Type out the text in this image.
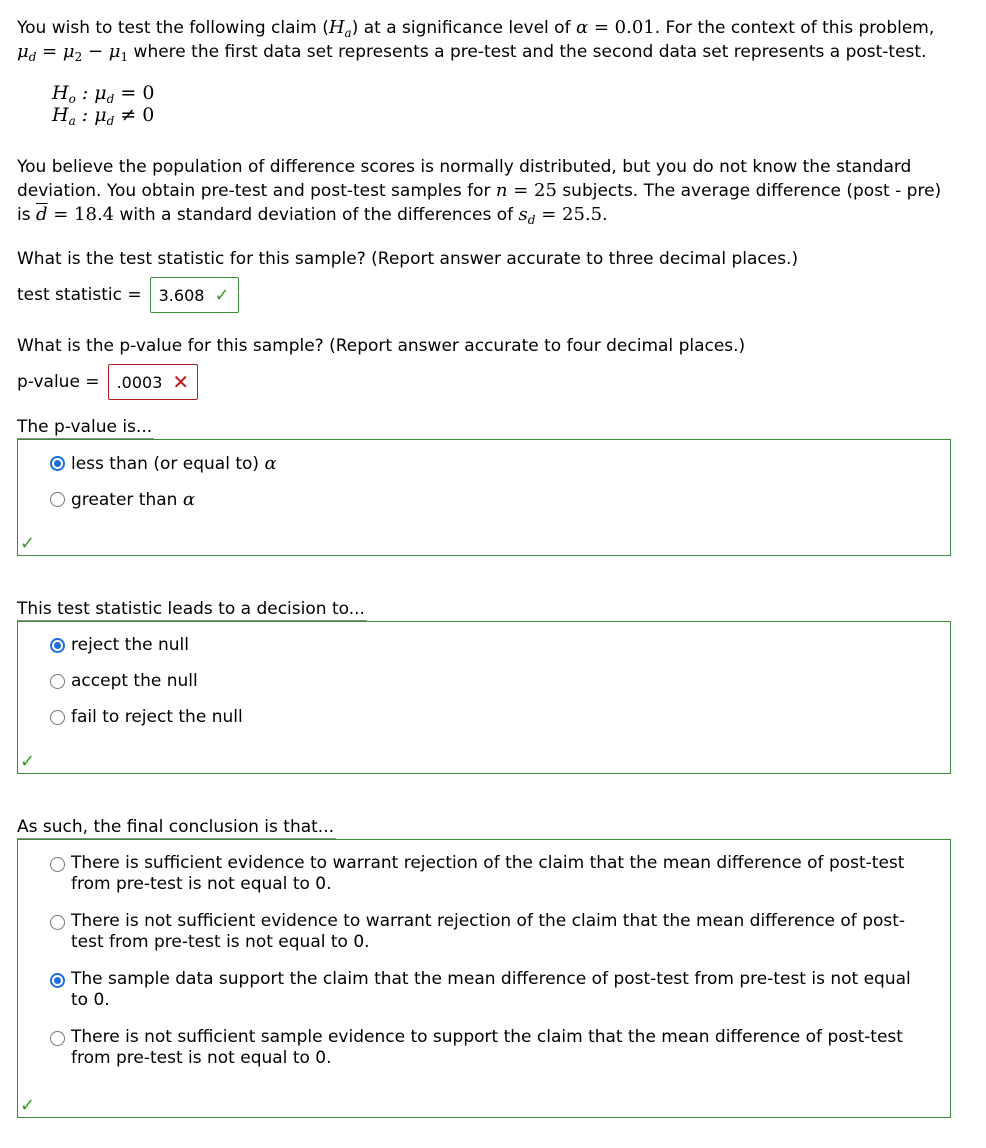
You wish to test the following claim $(H_a)$ at a significance level of α = 0.01. For the context of this problem, $\mu_d = \mu_2 - \mu_1$ where the first data set represents a pre-test and the second data set represents a post-test.
$H_o$ : $\mu_d = 0$
$H_a$ : $\mu_d \ne 0$
You believe the population of difference scores is normally distributed, but you do not know the standard deviation. You obtain pre-test and post-test samples for n = 25 subjects. The average difference (post - pre) is $\overline{d} = 18.4$ with a standard deviation of the differences of $s_d = 25.5$.
What is the test statistic for this sample? (Report answer accurate to three decimal places.)
test statistic = 3.608 ✓
What is the p-value for this sample? (Report answer accurate to four decimal places.)
p-value = .0003 ✕
The p-value is...
less than (or equal to) α
greater than α
✓
This test statistic leads to a decision to...
reject the null
accept the null
fail to reject the null
✓
As such, the final conclusion is that...
There is sufficient evidence to warrant rejection of the claim that the mean difference of post-test from pre-test is not equal to 0.
There is not sufficient evidence to warrant rejection of the claim that the mean difference of post-test from pre-test is not equal to 0.
The sample data support the claim that the mean difference of post-test from pre-test is not equal to 0.
There is not sufficient sample evidence to support the claim that the mean difference of post-test from pre-test is not equal to 0.
✓
